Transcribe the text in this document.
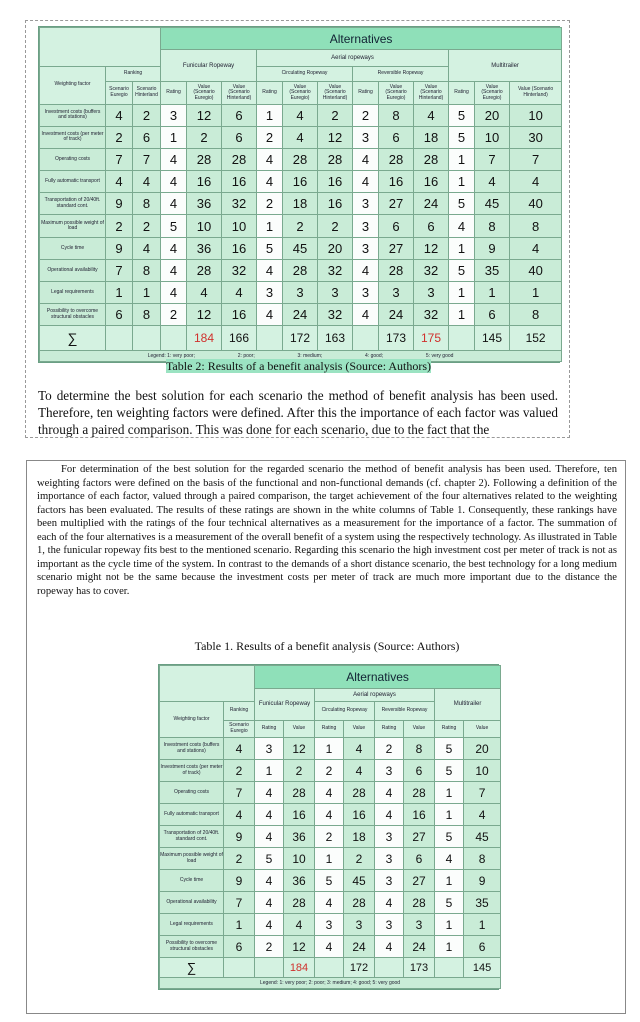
			Alternatives											
			Funicular Ropeway			Aerial ropeways						Multitrailer		
Weighting factor	Ranking					Circulating Ropeway			Reversible Ropeway					
	Scenario Euregio	Scenario Hinterland	Rating	Value (Scenario Euregio)	Value (Scenario Hinterland)	Rating	Value (Scenario Euregio)	Value (Scenario Hinterland)	Rating	Value (Scenario Euregio)	Value (Scenario Hinterland)	Rating	Value (Scenario Euregio)	Value (Scenario Hinterland)
Investment costs (buffers and stations)	4	2	3	12	6	1	4	2	2	8	4	5	20	10
Investment costs (per meter of track)	2	6	1	2	6	2	4	12	3	6	18	5	10	30
Operating costs	7	7	4	28	28	4	28	28	4	28	28	1	7	7
Fully automatic transport	4	4	4	16	16	4	16	16	4	16	16	1	4	4
Transportation of 20/40ft. standard cont.	9	8	4	36	32	2	18	16	3	27	24	5	45	40
Maximum possible weight of load	2	2	5	10	10	1	2	2	3	6	6	4	8	8
Cycle time	9	4	4	36	16	5	45	20	3	27	12	1	9	4
Operational availability	7	8	4	28	32	4	28	32	4	28	32	5	35	40
Legal requirements	1	1	4	4	4	3	3	3	3	3	3	1	1	1
Possibility to overcome structural obstacles	6	8	2	12	16	4	24	32	4	24	32	1	6	8
∑				184	166		172	163		173	175		145	152
Legend: 1: very poor; 2: poor; 3: medium; 4: good; 5: very good														
Table 2: Results of a benefit analysis (Source: Authors)
To determine the best solution for each scenario the method of benefit analysis has been used. Therefore, ten weighting factors were defined. After this the importance of each factor was valued through a paired comparison. This was done for each scenario, due to the fact that the
For determination of the best solution for the regarded scenario the method of benefit analysis has been used. Therefore, ten weighting factors were defined on the basis of the functional and non-functional demands (cf. chapter 2). Following a definition of the importance of each factor, valued through a paired comparison, the target achievement of the four alternatives related to the weighting factors has been evaluated. The results of these ratings are shown in the white columns of Table 1. Consequently, these rankings have been multiplied with the ratings of the four technical alternatives as a measurement for the importance of a factor. The summation of each of the four alternatives is a measurement of the overall benefit of a system using the respectively technology. As illustrated in Table 1, the funicular ropeway fits best to the mentioned scenario. Regarding this scenario the high investment cost per meter of track is not as important as the cycle time of the system. In contrast to the demands of a short distance scenario, the best technology for a long medium scenario might not be the same because the investment costs per meter of track are much more important due to the distance the ropeway has to cover.
Table 1. Results of a benefit analysis (Source: Authors)
		Alternatives							
		Funicular Ropeway		Aerial ropeways				Multitrailer	
Weighting factor	Ranking			Circulating Ropeway		Reversible Ropeway			
	Scenario Euregio	Rating	Value	Rating	Value	Rating	Value	Rating	Value
Investment costs (buffers and stations)	4	3	12	1	4	2	8	5	20
Investment costs (per meter of track)	2	1	2	2	4	3	6	5	10
Operating costs	7	4	28	4	28	4	28	1	7
Fully automatic transport	4	4	16	4	16	4	16	1	4
Transportation of 20/40ft. standard cont.	9	4	36	2	18	3	27	5	45
Maximum possible weight of load	2	5	10	1	2	3	6	4	8
Cycle time	9	4	36	5	45	3	27	1	9
Operational availability	7	4	28	4	28	4	28	5	35
Legal requirements	1	4	4	3	3	3	3	1	1
Possibility to overcome structural obstacles	6	2	12	4	24	4	24	1	6
∑			184		172		173		145
Legend: 1: very poor; 2: poor; 3: medium; 4: good; 5: very good									
